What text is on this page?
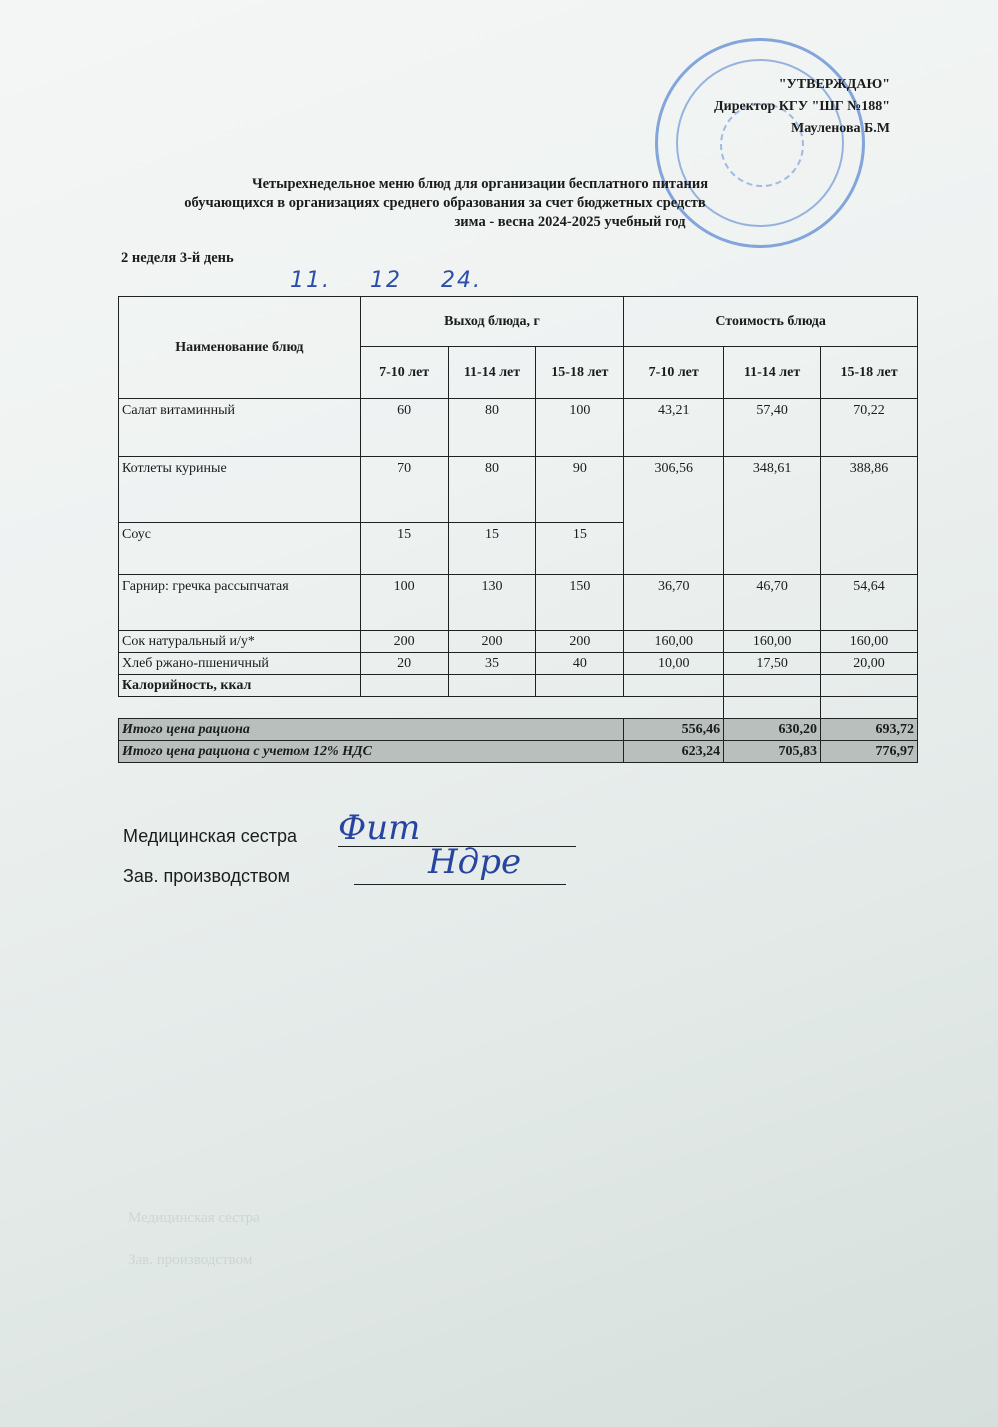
"УТВЕРЖДАЮ"
Директор КГУ "ШГ №188"
Мауленова Б.М
Четырехнедельное меню блюд для организации бесплатного питания
обучающихся в организациях среднего образования за счет бюджетных средств
зима - весна 2024-2025 учебный год
2 неделя 3-й день
11. 12 24.
Наименование блюд	Выход блюда, г			Стоимость блюда		
	7-10 лет	11-14 лет	15-18 лет	7-10 лет	11-14 лет	15-18 лет
Салат витаминный	60	80	100	43,21	57,40	70,22
Котлеты куриные	70	80	90	306,56	348,61	388,86
Соус	15	15	15			
Гарнир: гречка рассыпчатая	100	130	150	36,70	46,70	54,64
Сок натуральный и/у*	200	200	200	160,00	160,00	160,00
Хлеб ржано-пшеничный	20	35	40	10,00	17,50	20,00
Калорийность, ккал						

Итого цена рациона				556,46	630,20	693,72
Итого цена рациона с учетом 12% НДС				623,24	705,83	776,97
Медицинская сестра Фит
Зав. производством	Ндре
Медицинская сестра
Зав. производством
